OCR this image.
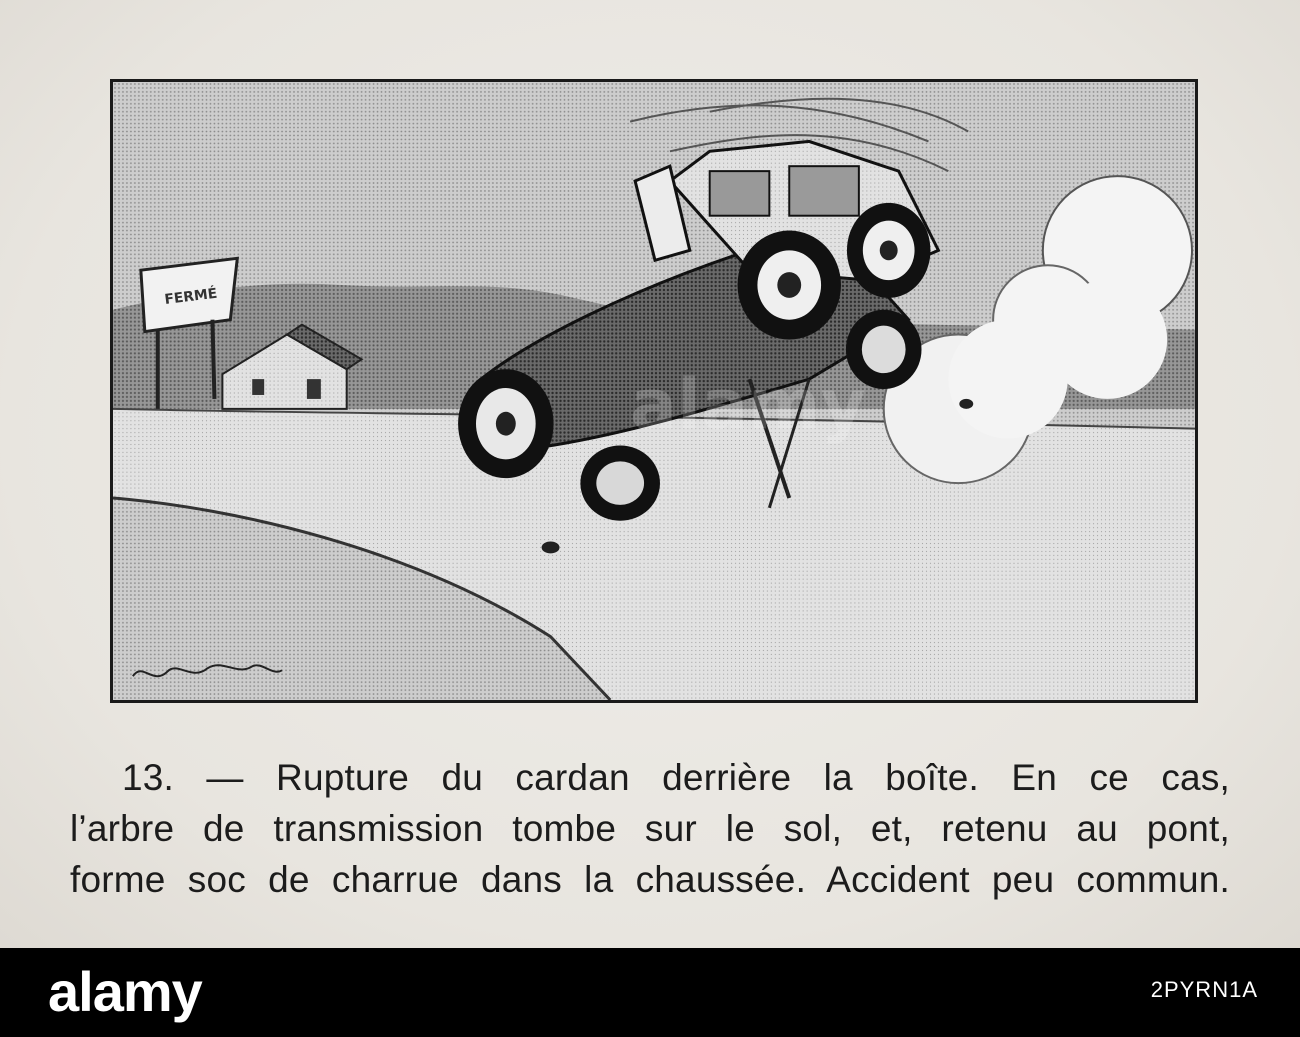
FERMÉ
alamy
13. — Rupture du cardan derrière la boîte. En ce cas,
l’arbre de transmission tombe sur le sol, et, retenu au pont,
forme soc de charrue dans la chaussée. Accident peu commun.
alamy	2PYRN1A
